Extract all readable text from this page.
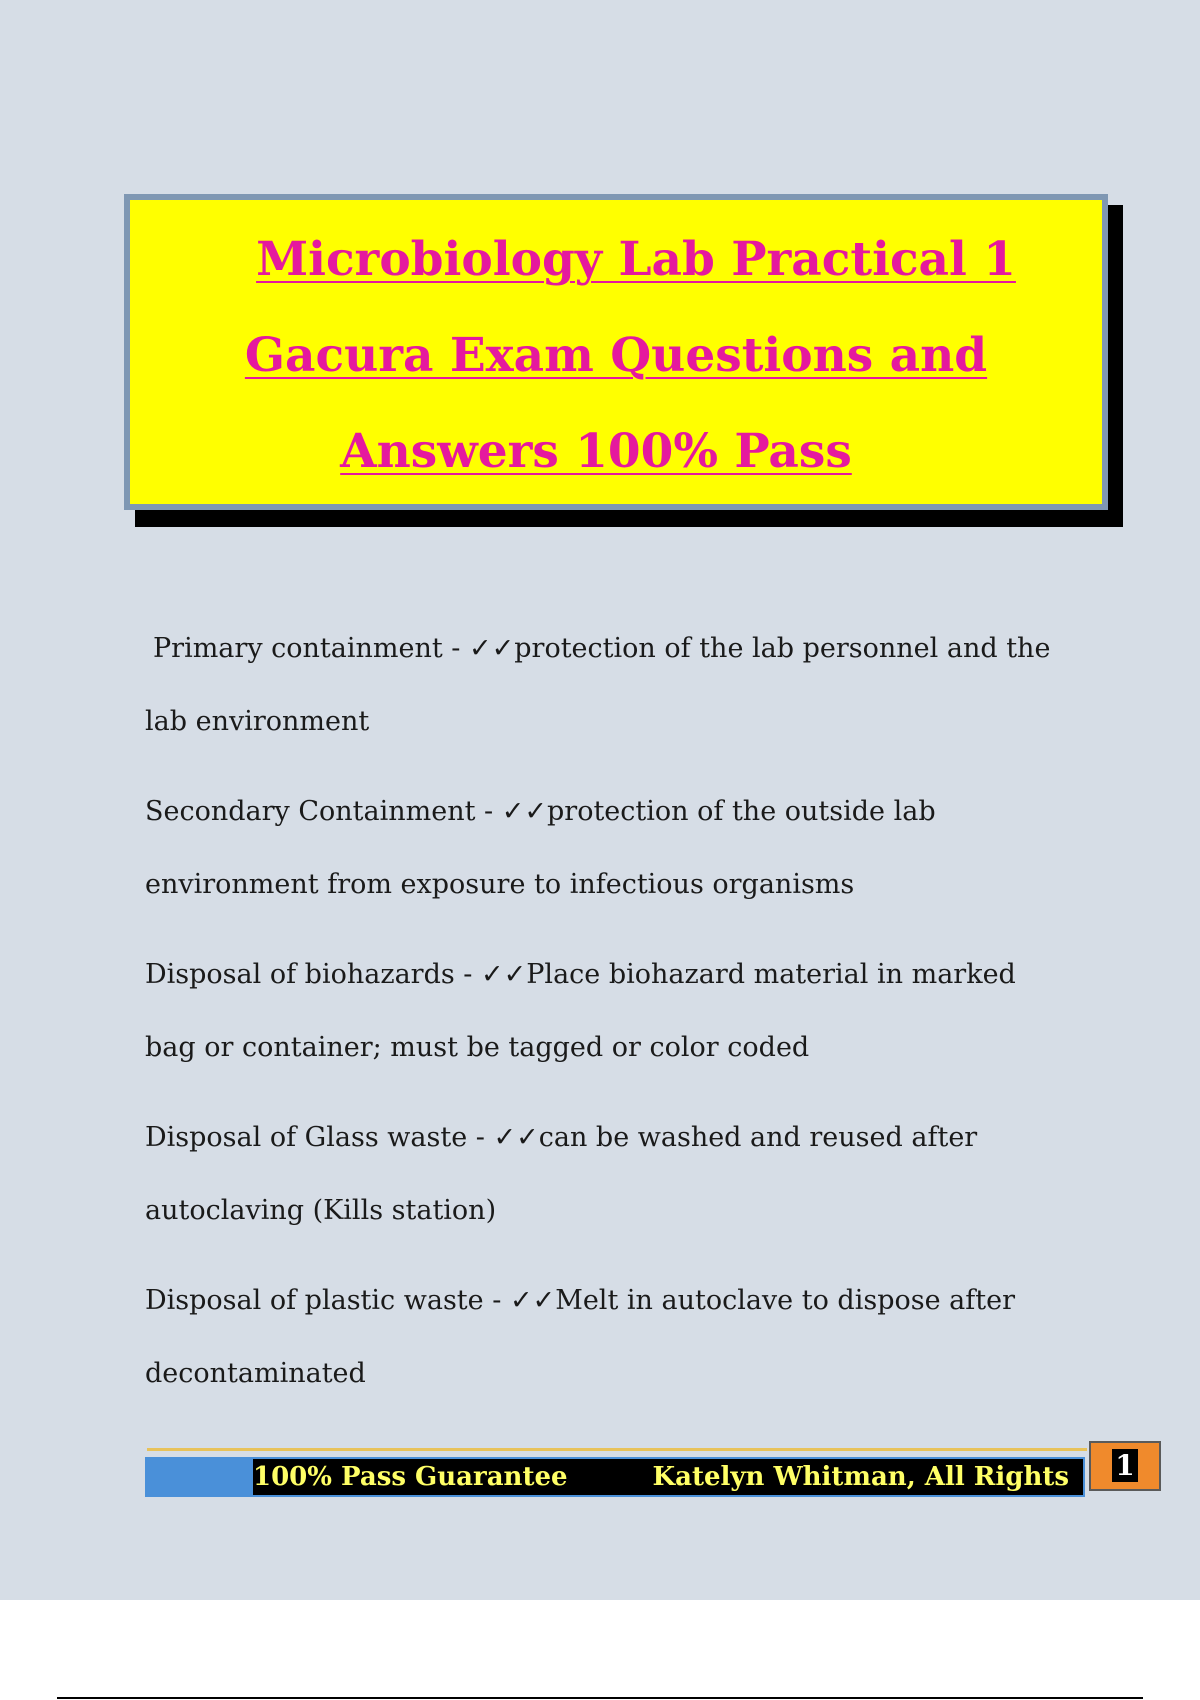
Microbiology Lab Practical 1 Gacura Exam Questions and Answers 100% Pass
Primary containment - ✓✓protection of the lab personnel and the lab environment
Secondary Containment - ✓✓protection of the outside lab environment from exposure to infectious organisms
Disposal of biohazards - ✓✓Place biohazard material in marked bag or container; must be tagged or color coded
Disposal of Glass waste - ✓✓can be washed and reused after autoclaving (Kills station)
Disposal of plastic waste - ✓✓Melt in autoclave to dispose after decontaminated
100% Pass Guarantee	Katelyn Whitman, All Rights	1
